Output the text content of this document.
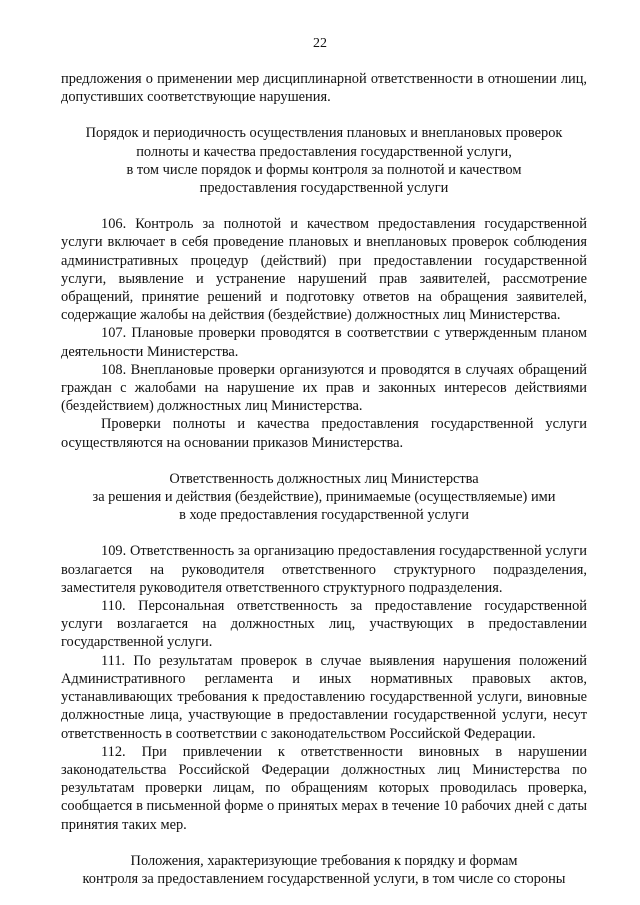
22

предложения о применении мер дисциплинарной ответственности в отношении лиц, допустивших соответствующие нарушения.

Порядок и периодичность осуществления плановых и внеплановых проверок
полноты и качества предоставления государственной услуги,
в том числе порядок и формы контроля за полнотой и качеством
предоставления государственной услуги

106. Контроль за полнотой и качеством предоставления государственной услуги включает в себя проведение плановых и внеплановых проверок соблюдения административных процедур (действий) при предоставлении государственной услуги, выявление и устранение нарушений прав заявителей, рассмотрение обращений, принятие решений и подготовку ответов на обращения заявителей, содержащие жалобы на действия (бездействие) должностных лиц Министерства.

107. Плановые проверки проводятся в соответствии с утвержденным планом деятельности Министерства.

108. Внеплановые проверки организуются и проводятся в случаях обращений граждан с жалобами на нарушение их прав и законных интересов действиями (бездействием) должностных лиц Министерства.

Проверки полноты и качества предоставления государственной услуги осуществляются на основании приказов Министерства.

Ответственность должностных лиц Министерства
за решения и действия (бездействие), принимаемые (осуществляемые) ими
в ходе предоставления государственной услуги

109. Ответственность за организацию предоставления государственной услуги возлагается на руководителя ответственного структурного подразделения, заместителя руководителя ответственного структурного подразделения.

110. Персональная ответственность за предоставление государственной услуги возлагается на должностных лиц, участвующих в предоставлении государственной услуги.

111. По результатам проверок в случае выявления нарушения положений Административного регламента и иных нормативных правовых актов, устанавливающих требования к предоставлению государственной услуги, виновные должностные лица, участвующие в предоставлении государственной услуги, несут ответственность в соответствии с законодательством Российской Федерации.

112. При привлечении к ответственности виновных в нарушении законодательства Российской Федерации должностных лиц Министерства по результатам проверки лицам, по обращениям которых проводилась проверка, сообщается в письменной форме о принятых мерах в течение 10 рабочих дней с даты принятия таких мер.

Положения, характеризующие требования к порядку и формам
контроля за предоставлением государственной услуги, в том числе со стороны
